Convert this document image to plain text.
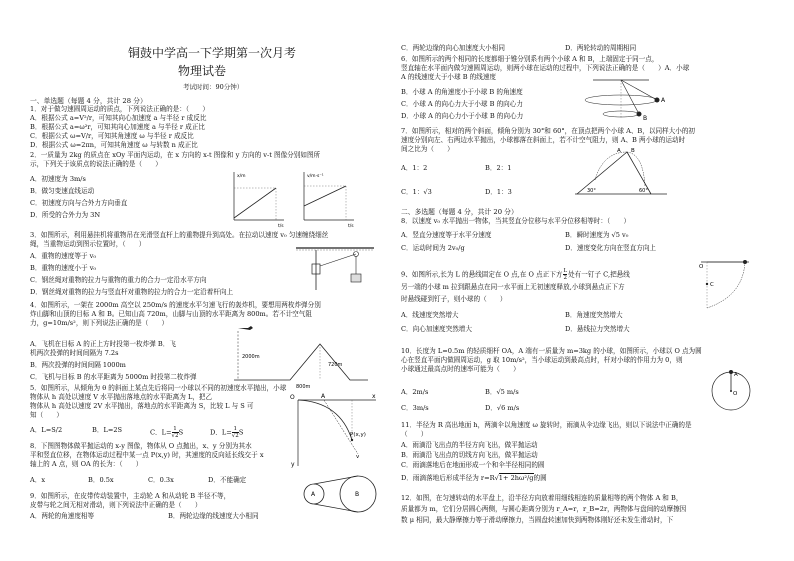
铜鼓中学高一下学期第一次月考
物理试卷
考试时间：90分钟）
一、单选题（每题 4 分，共计 28 分）
1．对于做匀速圆周运动的质点，下列说法正确的是：（　　）
A．根据公式 a=V²/r，可知其向心加速度 a 与半径 r 成反比
B．根据公式 a=ω²r，可知其向心加速度 a 与半径 r 成正比
C．根据公式 ω=V/r，可知其角速度 ω 与半径 r 成反比
D．根据公式 ω=2πn，可知其角速度 ω 与转数 n 成正比
2．一质量为 2kg 的质点在 xOy 平面内运动，在 x 方向的 x-t 图像和 y 方向的 v-t 图像分别如图所
示，下列关于该质点的说法正确的是（　　）
A．初速度为 3m/s
B．做匀变速直线运动
C．初速度方向与合外力方向垂直
D．所受的合外力为 3N
x/m
t/s
v/m·s⁻¹
t/s
3．如图所示，利用悬挂机将重物吊在光滑竖直杆上的重物提升到高处。在拉动以速度 v₀ 匀速缠绕细丝
绳，当重物运动到图示位置时，（　　）
A．重物的速度等于 v₀
B．重物的速度小于 v₀
C．钢丝绳对重物的拉力与重物的重力的合力一定沿水平方向
D．钢丝绳对重物的拉力与竖直杆对重物的拉力的合力一定沿着杆向上
4．如图所示，一架在 2000m 高空以 250m/s 的速度水平匀速飞行的轰炸机，要想用两枚炸弹分别
炸山脚和山顶的目标 A 和 B。已知山高 720m，山脚与山顶的水平距离为 800m。若不计空气阻
力，g=10m/s²，则下列说法正确的是（　　）
A．飞机在目标 A 的正上方时投第一枚炸弹 B．飞
机两次投弹的时间间隔为 7.2s
B．两次投弹的时间间隔 1000m
C．飞机与目标 B 的水平距离为 5000m 时投第二枚炸弹
2000m
720m
800m
5．如图所示，从倾角为 θ 的斜面上某点先后将同一小球以不同的初速度水平抛出，小球
物体从 h 高处以速度 V 水平抛出落地点的水平距离为 L，把乙
物体从 h 高处以速度 2V 水平抛出，落地点的水平距离为 S，比较 L 与 S 可
知（　　）
A．L=S/2	B．L=2S	C．$L= \frac{1}{√2}$ S	D．$L= \frac{1}{√2}$ S
8．下图图物体做平抛运动的 x-y 图像，物体从 O 点抛出，x、y 分别为其水
平和竖直位移，在物体运动过程中某一点 P(x,y) 时，其速度的反向延长线交于 x
轴上的 A 点，则 OA 的长为：（　　）
A．x	B．0.5x	C．0.3x	D．不能确定
O	A	x
y
P(x,y)
v
9．如图所示，在皮带传动装置中，主动轮 A 和从动轮 B 半径不等，
皮带与轮之间无相对滑动，则下列说法中正确的是（　　）
A．两轮的角速度相等	B．两轮边缘的线速度大小相同
A	B
C．两轮边缘的向心加速度大小相同	D．两轮转动的周期相同
6．如图所示的两个相同的长度都细于锥分别系有两个小球 A 和 B，上端固定于同一点，
竖直轴在水平面内做匀速圆周运动，则两小球在运动的过程中，下列说法正确的是（　　）A．小球
A 的线速度大于小球 B 的线速度
B．小球 A 的角速度小于小球 B 的角速度
C．小球 A 的向心力大于小球 B 的向心力
D．小球 A 的向心力小于小球 B 的向心力
A
B
7．如图所示，相对的两个斜面，倾角分别为 30°和 60°，在顶点把两个小球 A、B，以同样大小的初
速度分别向左、右两边水平抛出，小球都落在斜面上，若不计空气阻力，则 A、B 两小球的运动时
间之比为（　　）
A．1：2	B．2：1
C．1：√3	D．1：3	30°	60°
A B
二、多选题（每题 4 分，共计 20 分）
8．以速度 v₀ 水平抛出一物体，当其竖直分位移与水平分位移相等时：（　　）
A．竖直分速度等于水平分速度	B．瞬时速度为 √5 v₀
C．运动时间为 2v₀/g	D．速度变化方向在竖直方向上
9、如图所示,长为 L 的悬线固定在 O 点,在 O 点正下方 $\frac{L}{2}$ 处有一钉子 C,把悬线
另一端的小球 m 拉到跟悬点在同一水平面上无初速度释放,小球到悬点正下方
时悬线碰到钉子，则小球的（　　）
A．线速度突然增大	B．角速度突然增大
C．向心加速度突然增大	D．悬线拉力突然增大
O
C
10．长度为 L=0.5m 的轻质细杆 OA，A 端有一质量为 m=3kg 的小球，如图所示，小球以 O 点为圆
心在竖直平面内做圆周运动，g 取 10m/s²，当小球运动到最高点时，杆对小球的作用力为 0，则
小球通过最高点时的速率可能为（　　）
A．2m/s	B．√5 m/s
C．3m/s	D．√6 m/s
O
A
11．半径为 R 高出地面 h，两滴伞以角速度 ω 旋转时，雨滴从伞边缘飞出，则以下说法中正确的是
（　　）
A．雨滴沿飞出点的半径方向飞出，做平抛运动
B．雨滴沿飞出点的切线方向飞出，做平抛运动
C．雨滴落地后在地面形成一个和伞半径相同的圆
D．雨滴落地后形成半径为 r=R√1+ 2hω²/g的圆
12．如图，在匀速转动的水平盘上，沿半径方向放着用细线相连的质量相等的两个物体 A 和 B，
质量都为 m，它们分居圆心两侧，与圆心距离分别为 r_A=r，r_B=2r，两物体与盘间的动摩擦因
数 μ 相同，最大静摩擦力等于滑动摩擦力，当圆盘转速加快到两物体刚好还未发生滑动时，下
